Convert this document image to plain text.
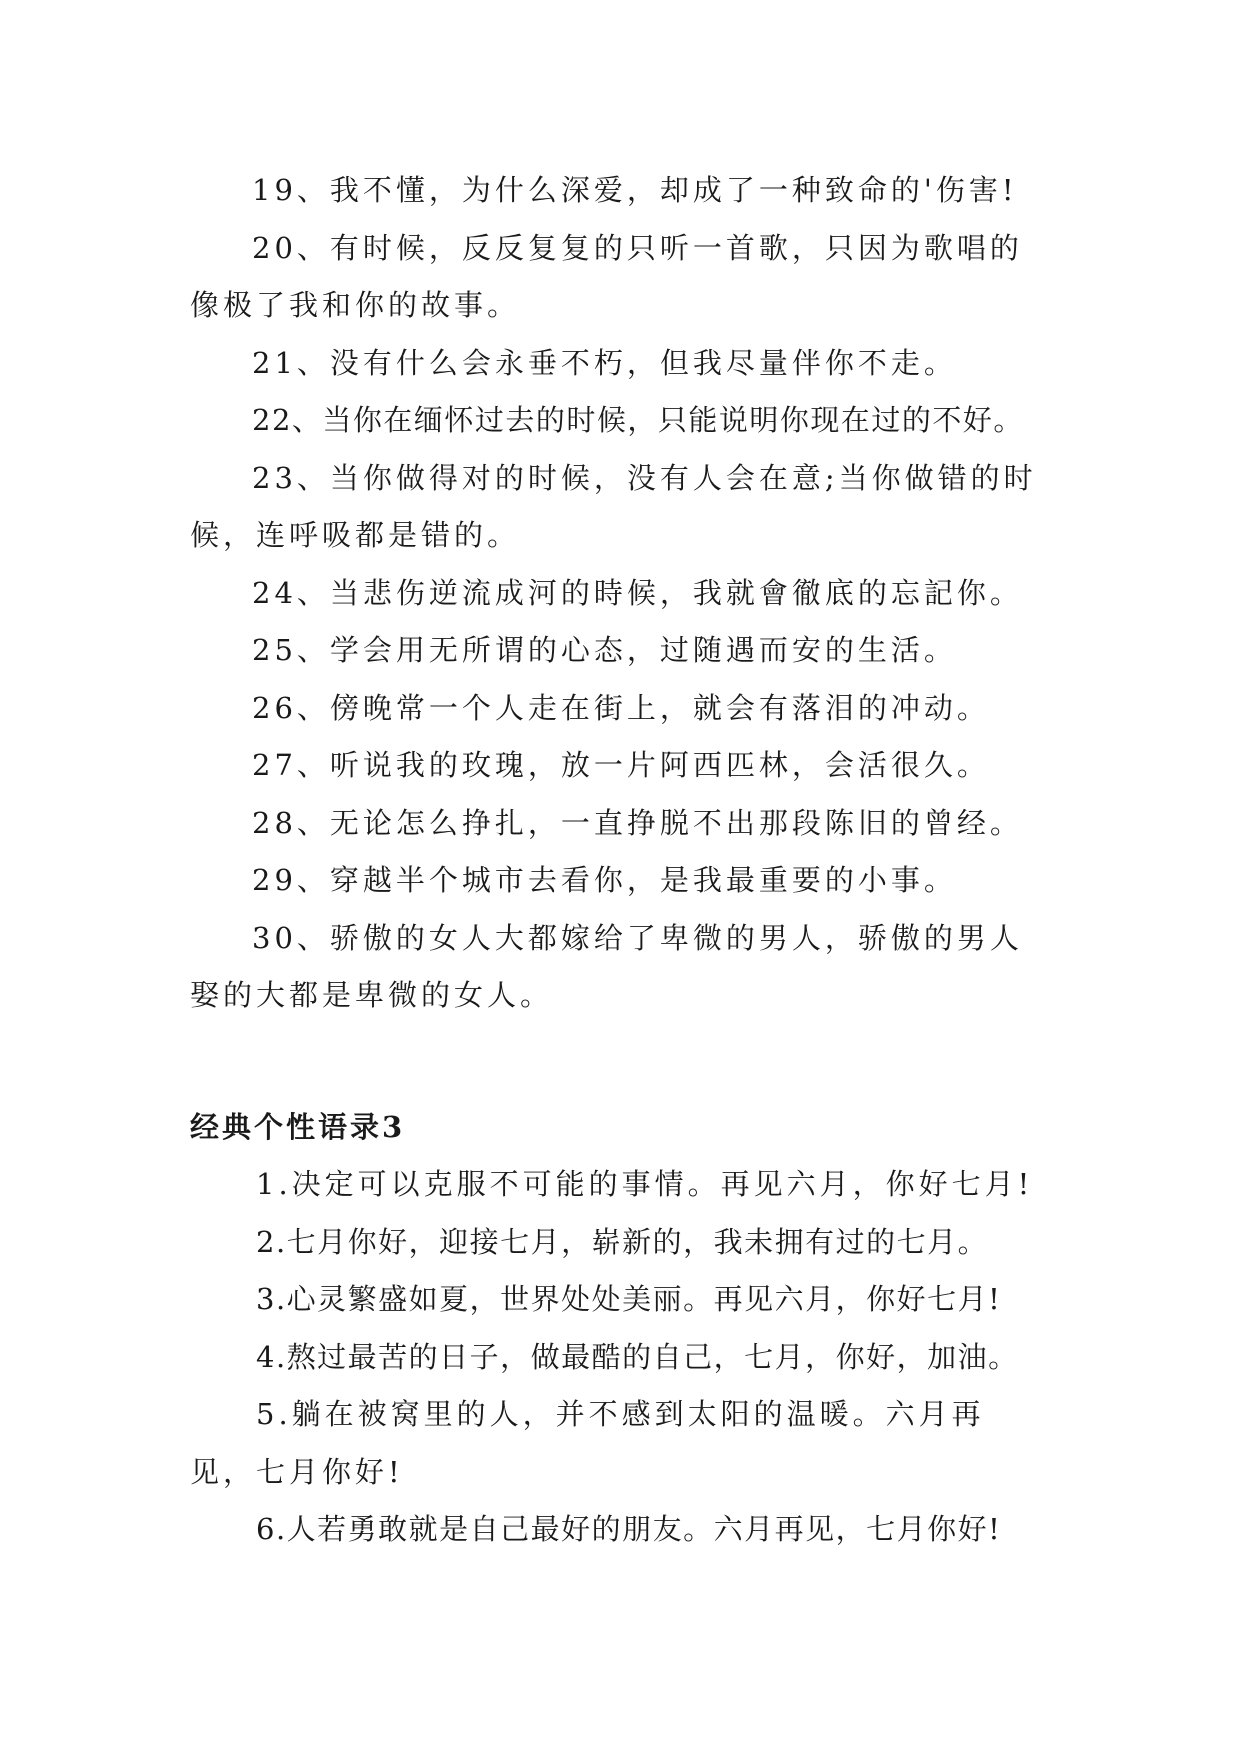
19、我不懂，为什么深爱，却成了一种致命的'伤害!

20、有时候，反反复复的只听一首歌，只因为歌唱的像极了我和你的故事。

21、没有什么会永垂不朽，但我尽量伴你不走。

22、当你在缅怀过去的时候，只能说明你现在过的不好。

23、当你做得对的时候，没有人会在意;当你做错的时候，连呼吸都是错的。

24、当悲伤逆流成河的時候，我就會徹底的忘記你。

25、学会用无所谓的心态，过随遇而安的生活。

26、傍晚常一个人走在街上，就会有落泪的冲动。

27、听说我的玫瑰，放一片阿西匹林，会活很久。

28、无论怎么挣扎，一直挣脱不出那段陈旧的曾经。

29、穿越半个城市去看你，是我最重要的小事。

30、骄傲的女人大都嫁给了卑微的男人，骄傲的男人娶的大都是卑微的女人。

经典个性语录3

1.决定可以克服不可能的事情。再见六月，你好七月!

2.七月你好，迎接七月，崭新的，我未拥有过的七月。

3.心灵繁盛如夏，世界处处美丽。再见六月，你好七月!

4.熬过最苦的日子，做最酷的自己，七月，你好，加油。

5.躺在被窝里的人，并不感到太阳的温暖。六月再见，七月你好!

6.人若勇敢就是自己最好的朋友。六月再见，七月你好!
